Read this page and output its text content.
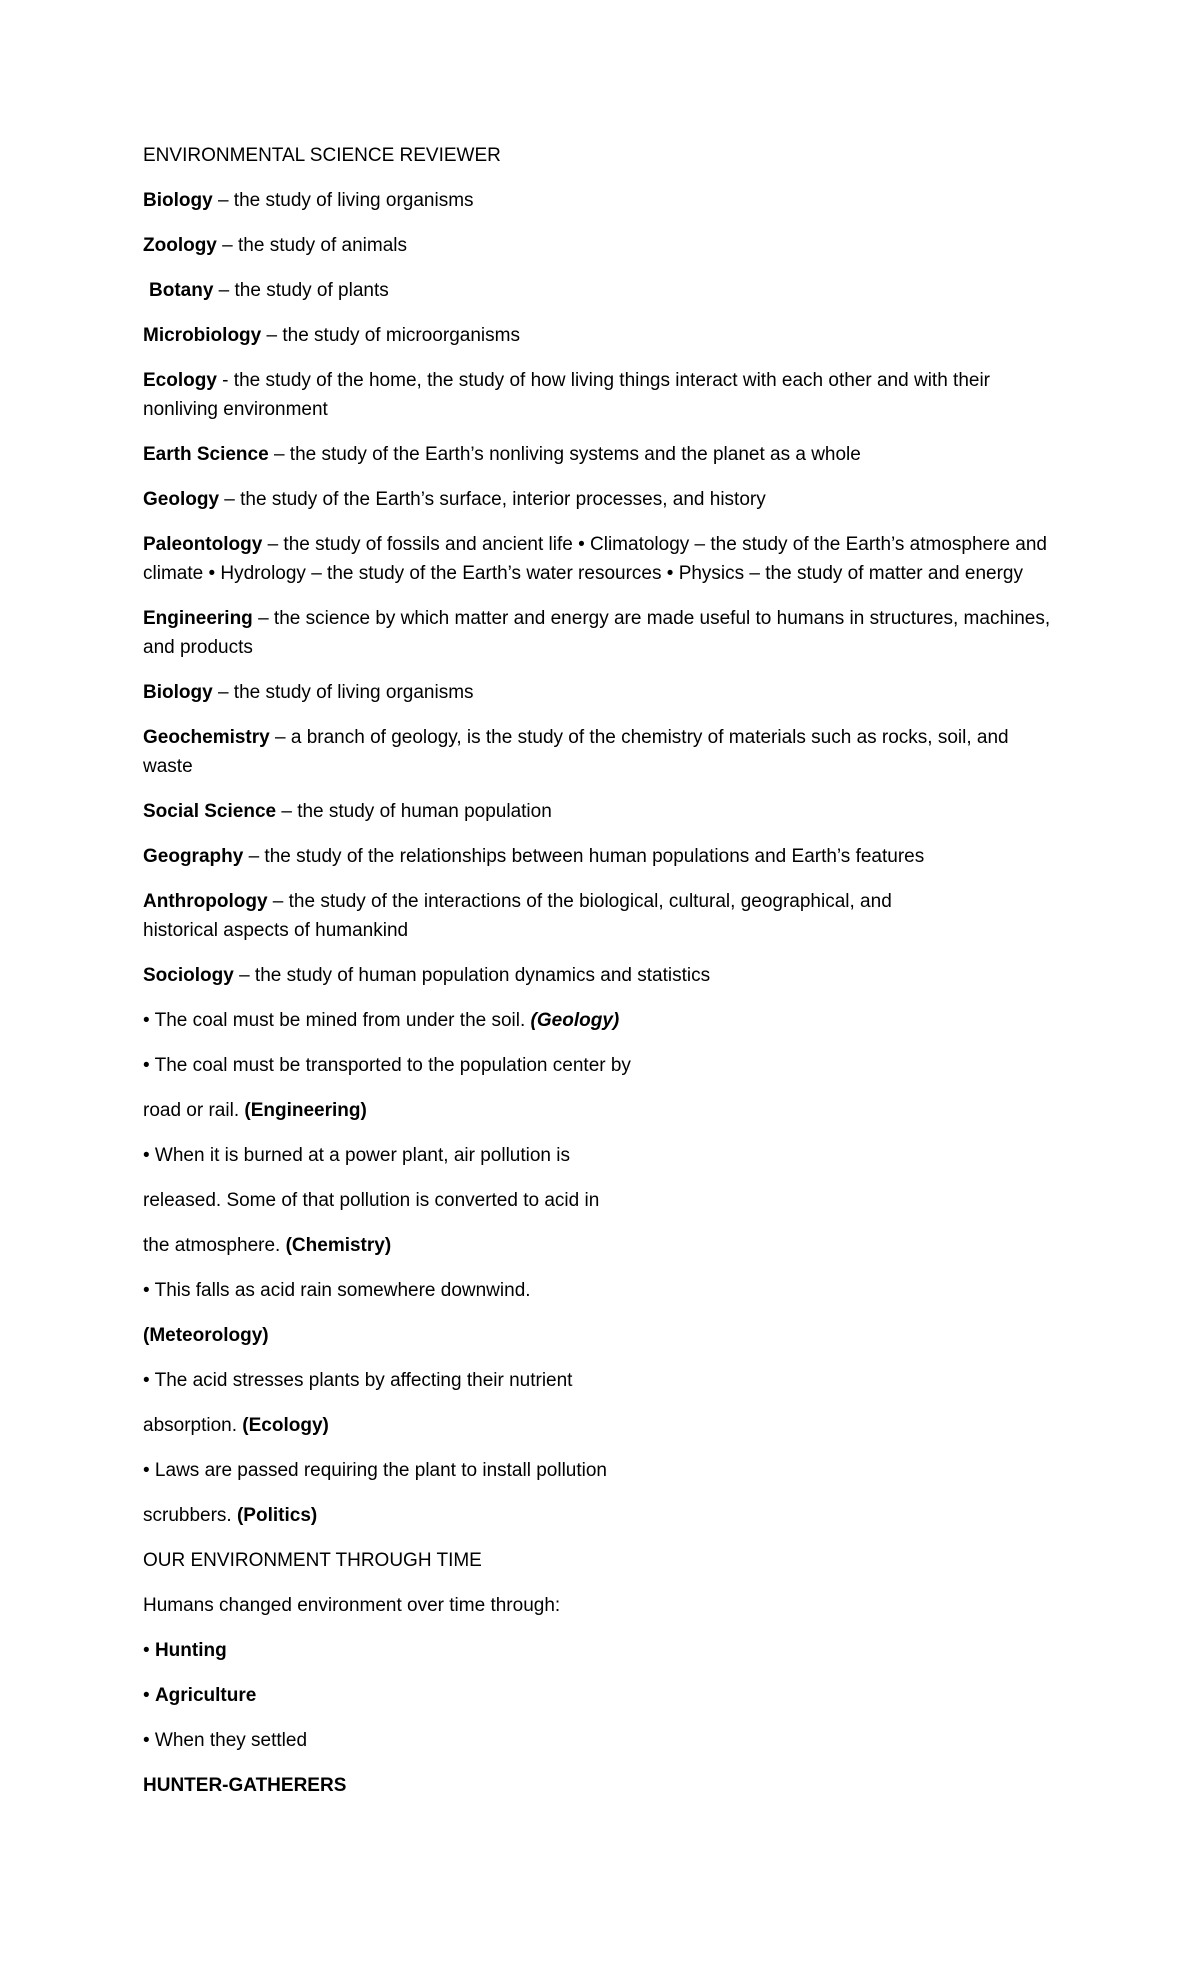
ENVIRONMENTAL SCIENCE REVIEWER

Biology – the study of living organisms

Zoology – the study of animals

Botany – the study of plants

Microbiology – the study of microorganisms

Ecology - the study of the home, the study of how living things interact with each other and with their nonliving environment

Earth Science – the study of the Earth’s nonliving systems and the planet as a whole

Geology – the study of the Earth’s surface, interior processes, and history

Paleontology – the study of fossils and ancient life • Climatology – the study of the Earth’s atmosphere and climate • Hydrology – the study of the Earth’s water resources • Physics – the study of matter and energy

Engineering – the science by which matter and energy are made useful to humans in structures, machines, and products

Biology – the study of living organisms

Geochemistry – a branch of geology, is the study of the chemistry of materials such as rocks, soil, and waste

Social Science – the study of human population

Geography – the study of the relationships between human populations and Earth’s features

Anthropology – the study of the interactions of the biological, cultural, geographical, and
historical aspects of humankind

Sociology – the study of human population dynamics and statistics

• The coal must be mined from under the soil. (Geology)

• The coal must be transported to the population center by

road or rail. (Engineering)

• When it is burned at a power plant, air pollution is

released. Some of that pollution is converted to acid in

the atmosphere. (Chemistry)

• This falls as acid rain somewhere downwind.

(Meteorology)

• The acid stresses plants by affecting their nutrient

absorption. (Ecology)

• Laws are passed requiring the plant to install pollution

scrubbers. (Politics)

OUR ENVIRONMENT THROUGH TIME

Humans changed environment over time through:

• Hunting

• Agriculture

• When they settled

HUNTER-GATHERERS
